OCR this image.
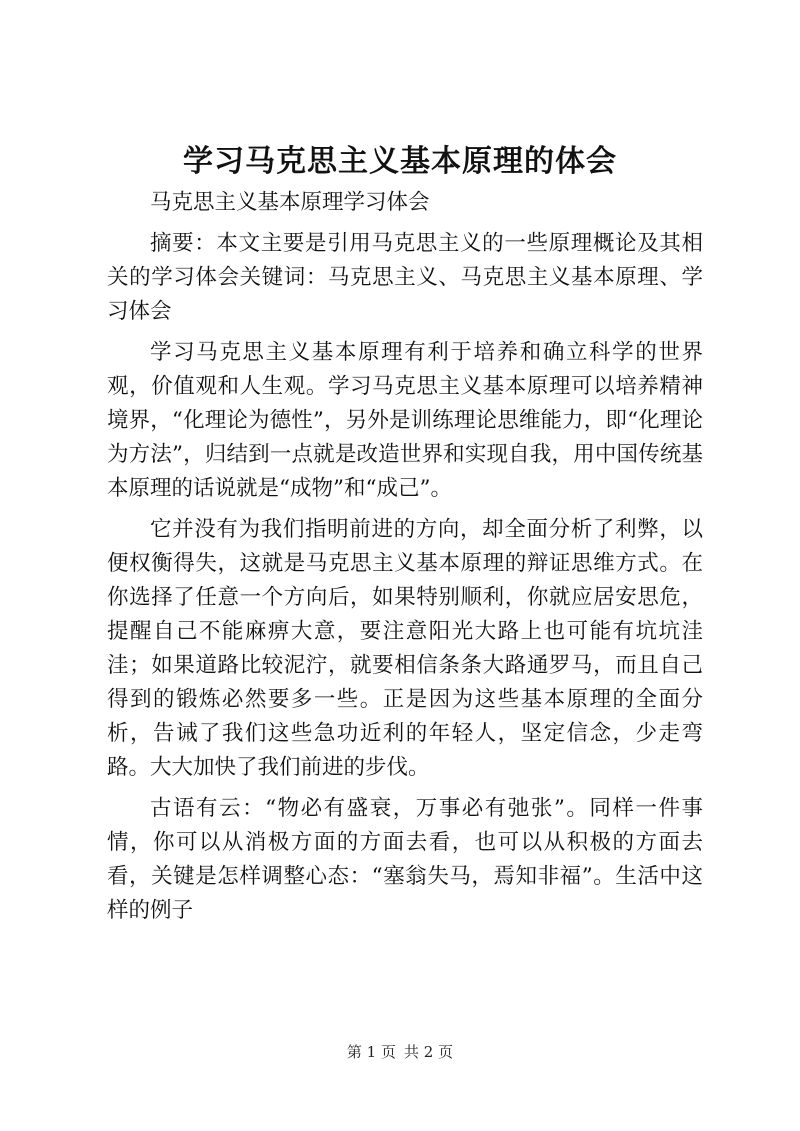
学习马克思主义基本原理的体会

马克思主义基本原理学习体会

摘要：本文主要是引用马克思主义的一些原理概论及其相关的学习体会关键词：马克思主义、马克思主义基本原理、学习体会

学习马克思主义基本原理有利于培养和确立科学的世界观，价值观和人生观。学习马克思主义基本原理可以培养精神境界，“化理论为德性”，另外是训练理论思维能力，即“化理论为方法”，归结到一点就是改造世界和实现自我，用中国传统基本原理的话说就是“成物”和“成己”。

它并没有为我们指明前进的方向，却全面分析了利弊，以便权衡得失，这就是马克思主义基本原理的辩证思维方式。在你选择了任意一个方向后，如果特别顺利，你就应居安思危，提醒自己不能麻痹大意，要注意阳光大路上也可能有坑坑洼洼；如果道路比较泥泞，就要相信条条大路通罗马，而且自己得到的锻炼必然要多一些。正是因为这些基本原理的全面分析，告诫了我们这些急功近利的年轻人，坚定信念，少走弯路。大大加快了我们前进的步伐。

古语有云：“物必有盛衰，万事必有弛张”。同样一件事情，你可以从消极方面的方面去看，也可以从积极的方面去看，关键是怎样调整心态：“塞翁失马，焉知非福”。生活中这样的例子

第 1 页 共 2 页
